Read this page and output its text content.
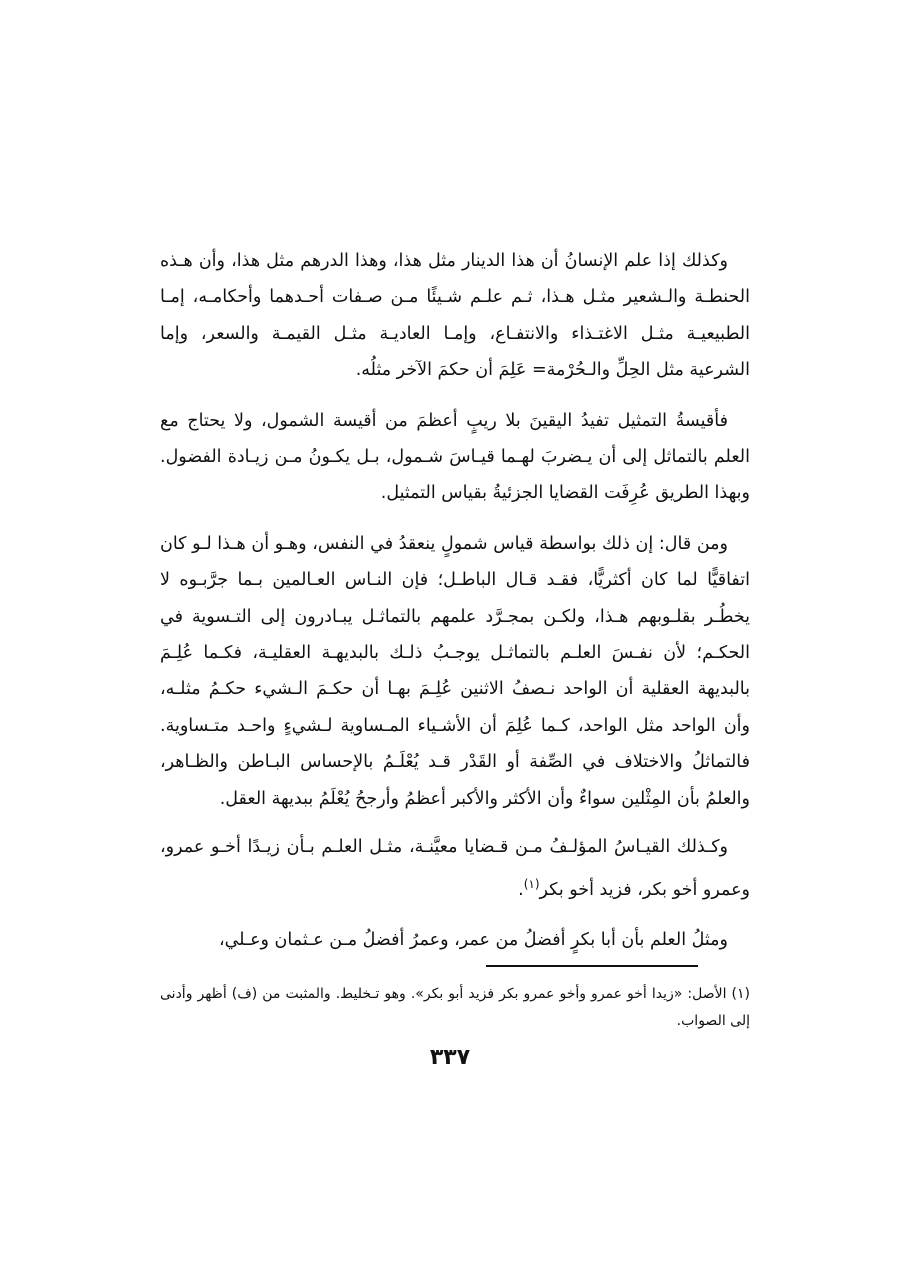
وكذلك إذا علم الإنسانُ أن هذا الدينار مثل هذا، وهذا الدرهم مثل هذا، وأن هـذه الحنطـة والـشعير مثـل هـذا، ثـم علـم شـيئًا مـن صـفات أحـدهما وأحكامـه، إمـا الطبيعيـة مثـل الاغتـذاء والانتفـاع، وإمـا العاديـة مثـل القيمـة والسعر، وإما الشرعية مثل الحِلِّ والـحُرْمة= عَلِمَ أن حكمَ الآخر مثلُه.

فأقيسةُ التمثيل تفيدُ اليقينَ بلا ريبٍ أعظمَ من أقيسة الشمول، ولا يحتاج مع العلم بالتماثل إلى أن يـضربَ لهـما قيـاسَ شـمول، بـل يكـونُ مـن زيـادة الفضول. وبهذا الطريق عُرِفَت القضايا الجزئيةُ بقياس التمثيل.

ومن قال: إن ذلك بواسطة قياس شمولٍ ينعقدُ في النفس، وهـو أن هـذا لـو كان اتفاقيًّا لما كان أكثريًّا، فقـد قـال الباطـل؛ فإن النـاس العـالمين بـما جرَّبـوه لا يخطُـر بقلـوبهم هـذا، ولكـن بمجـرَّد علمهم بالتماثـل يبـادرون إلى التـسوية في الحكـم؛ لأن نفـسَ العلـم بالتماثـل يوجـبُ ذلـك بالبديهـة العقليـة، فكـما عُلِـمَ بالبديهة العقلية أن الواحد نـصفُ الاثنين عُلِـمَ بهـا أن حكـمَ الـشيء حكـمُ مثلـه، وأن الواحد مثل الواحد، كـما عُلِمَ أن الأشـياء المـساوية لـشيءٍ واحـد متـساوية. فالتماثلُ والاختلاف في الصِّفة أو القَدْر قـد يُعْلَـمُ بالإحساس البـاطن والظـاهر، والعلمُ بأن المِثْلين سواءٌ وأن الأكثر والأكبر أعظمُ وأرجحُ يُعْلَمُ ببديهة العقل.

وكـذلك القيـاسُ المؤلـفُ مـن قـضايا معيَّنـة، مثـل العلـم بـأن زيـدًا أخـو عمرو، وعمرو أخو بكر، فزيد أخو بكر$^{(١)}$.

ومثلُ العلم بأن أبا بكرٍ أفضلُ من عمر، وعمرُ أفضلُ مـن عـثمان وعـلي،

(١) الأصل: «زيدا أخو عمرو وأخو عمرو بكر فزيد أبو بكر». وهو تـخليط. والمثبت من (ف) أظهر وأدنى إلى الصواب.
٣٣٧
